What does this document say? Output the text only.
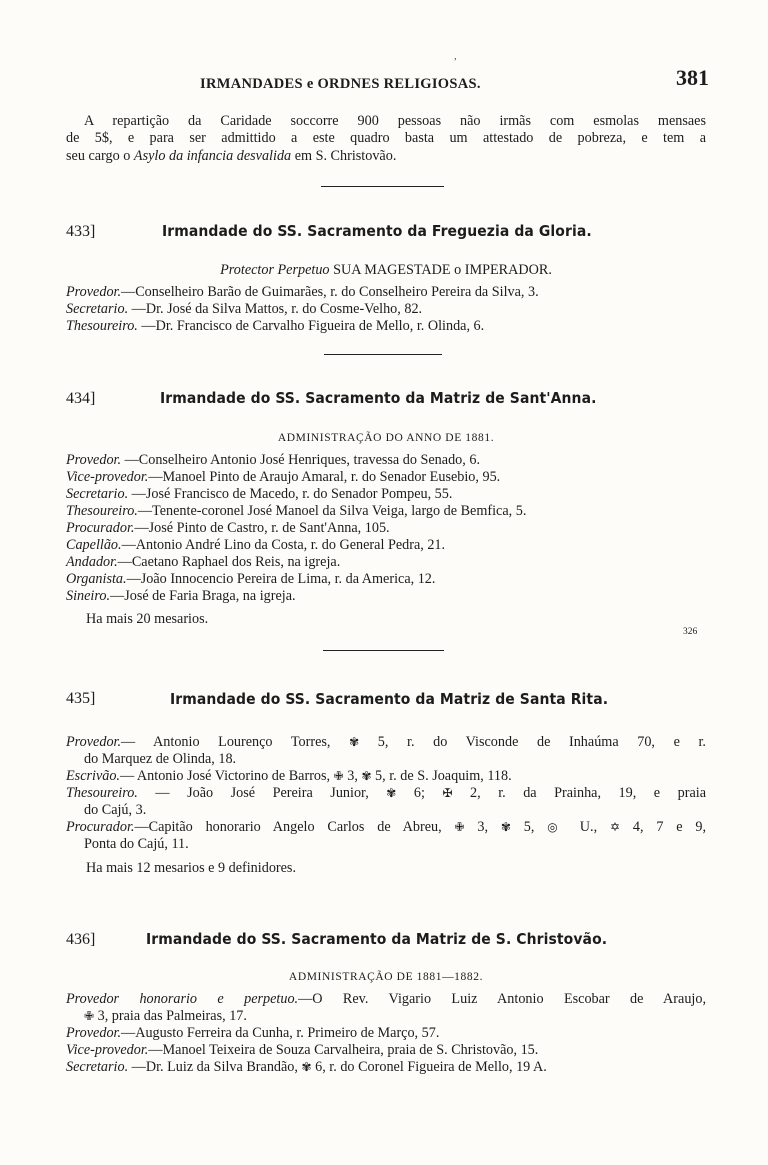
,
IRMANDADES e ORDNES RELIGIOSAS.	381
A repartição da Caridade soccorre 900 pessoas não irmãs com esmolas mensaes
de 5$, e para ser admittido a este quadro basta um attestado de pobreza, e tem a
seu cargo o Asylo da infancia desvalida em S. Christovão.
433]	Irmandade do SS. Sacramento da Freguezia da Gloria.
Protector Perpetuo SUA MAGESTADE o IMPERADOR.
Provedor.—Conselheiro Barão de Guimarães, r. do Conselheiro Pereira da Silva, 3.
Secretario. —Dr. José da Silva Mattos, r. do Cosme-Velho, 82.
Thesoureiro. —Dr. Francisco de Carvalho Figueira de Mello, r. Olinda, 6.
434]	Irmandade do SS. Sacramento da Matriz de Sant'Anna.
ADMINISTRAÇÃO DO ANNO DE 1881.
Provedor. —Conselheiro Antonio José Henriques, travessa do Senado, 6.
Vice-provedor.—Manoel Pinto de Araujo Amaral, r. do Senador Eusebio, 95.
Secretario. —José Francisco de Macedo, r. do Senador Pompeu, 55.
Thesoureiro.—Tenente-coronel José Manoel da Silva Veiga, largo de Bemfica, 5.
Procurador.—José Pinto de Castro, r. de Sant'Anna, 105.
Capellão.—Antonio André Lino da Costa, r. do General Pedra, 21.
Andador.—Caetano Raphael dos Reis, na igreja.
Organista.—João Innocencio Pereira de Lima, r. da America, 12.
Sineiro.—José de Faria Braga, na igreja.
Ha mais 20 mesarios.
326
435]	Irmandade do SS. Sacramento da Matriz de Santa Rita.
Provedor.— Antonio Lourenço Torres, ✾ 5, r. do Visconde de Inhaúma 70, e r.
do Marquez de Olinda, 18.
Escrivão.— Antonio José Victorino de Barros, ✙ 3, ✾ 5, r. de S. Joaquim, 118.
Thesoureiro. — João José Pereira Junior, ✾ 6; ✠ 2, r. da Prainha, 19, e praia
do Cajú, 3.
Procurador.—Capitão honorario Angelo Carlos de Abreu, ✙ 3, ✾ 5, ◎ U., ✡ 4, 7 e 9,
Ponta do Cajú, 11.
Ha mais 12 mesarios e 9 definidores.
436]	Irmandade do SS. Sacramento da Matriz de S. Christovão.
ADMINISTRAÇÃO DE 1881—1882.
Provedor honorario e perpetuo.—O Rev. Vigario Luiz Antonio Escobar de Araujo,
✙ 3, praia das Palmeiras, 17.
Provedor.—Augusto Ferreira da Cunha, r. Primeiro de Março, 57.
Vice-provedor.—Manoel Teixeira de Souza Carvalheira, praia de S. Christovão, 15.
Secretario. —Dr. Luiz da Silva Brandão, ✾ 6, r. do Coronel Figueira de Mello, 19 A.
